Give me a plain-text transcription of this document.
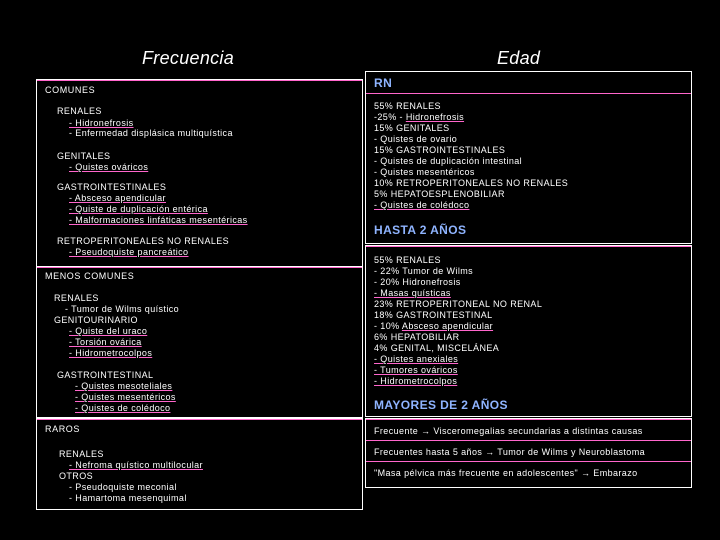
Frecuencia	Edad
COMUNES
RENALES
- Hidronefrosis
- Enfermedad displásica multiquística
GENITALES
- Quistes ováricos
GASTROINTESTINALES
- Absceso apendicular
- Quiste de duplicación entérica
- Malformaciones linfáticas mesentéricas
RETROPERITONEALES NO RENALES
- Pseudoquiste pancreático
MENOS COMUNES
RENALES
- Tumor de Wilms quístico
GENITOURINARIO
- Quiste del uraco
- Torsión ovárica
- Hidrometrocolpos
GASTROINTESTINAL
- Quistes mesoteliales
- Quistes mesentéricos
- Quistes de colédoco
RAROS
RENALES
- Nefroma quístico multilocular
OTROS
- Pseudoquiste meconial
- Hamartoma mesenquimal
RN
55% RENALES
-25% - Hidronefrosis
15% GENITALES
- Quistes de ovario
15% GASTROINTESTINALES
- Quistes de duplicación intestinal
- Quistes mesentéricos
10% RETROPERITONEALES NO RENALES
5% HEPATOESPLENOBILIAR
- Quistes de colédoco
HASTA 2 AÑOS
55% RENALES
- 22% Tumor de Wilms
- 20% Hidronefrosis
- Masas quísticas
23% RETROPERITONEAL NO RENAL
18% GASTROINTESTINAL
- 10% Absceso apendicular
6% HEPATOBILIAR
4% GENITAL, MISCELÁNEA
- Quistes anexiales
- Tumores ováricos
- Hidrometrocolpos
MAYORES DE 2 AÑOS
Frecuente → Visceromegalias secundarias a distintas causas
Frecuentes hasta 5 años → Tumor de Wilms y Neuroblastoma
"Masa pélvica más frecuente en adolescentes" → Embarazo
